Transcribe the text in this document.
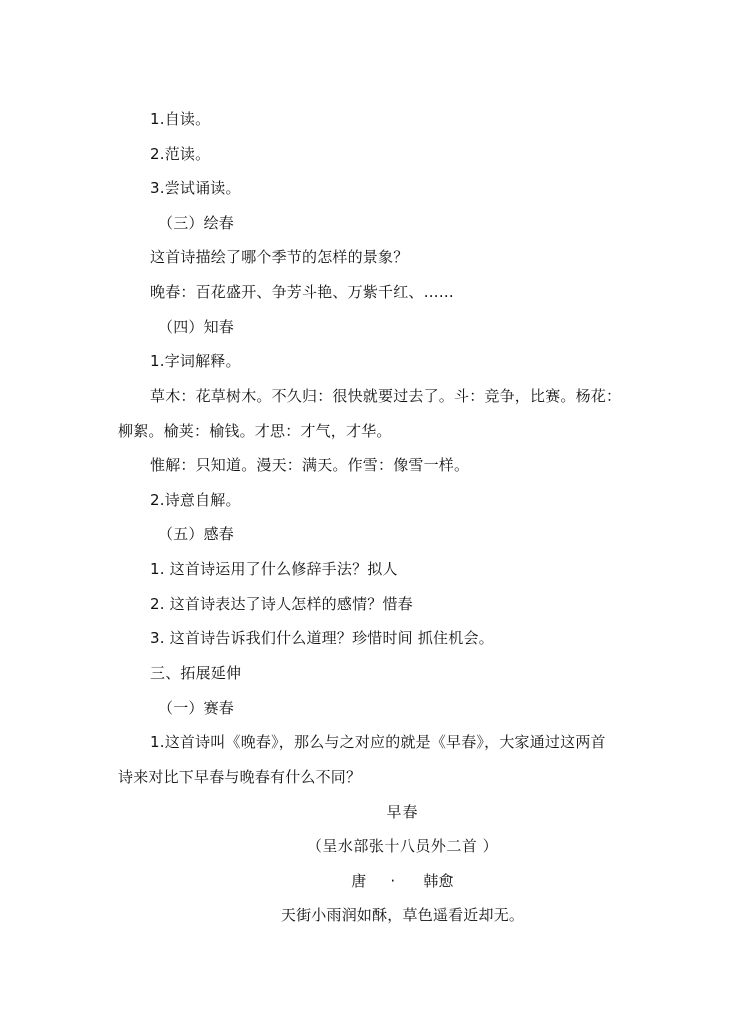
1.自读。
2.范读。
3.尝试诵读。
（三）绘春
这首诗描绘了哪个季节的怎样的景象？
晚春：百花盛开、争芳斗艳、万紫千红、……
（四）知春
1.字词解释。
草木：花草树木。不久归：很快就要过去了。斗：竞争，比赛。杨花：
柳絮。榆荚：榆钱。才思：才气，才华。
惟解：只知道。漫天：满天。作雪：像雪一样。
2.诗意自解。
（五）感春
1. 这首诗运用了什么修辞手法？拟人
2. 这首诗表达了诗人怎样的感情？惜春
3. 这首诗告诉我们什么道理？珍惜时间 抓住机会。
三、拓展延伸
（一）赛春
1.这首诗叫《晚春》，那么与之对应的就是《早春》，大家通过这两首
诗来对比下早春与晚春有什么不同？
早春
（呈水部张十八员外二首 ）
唐 · 韩愈
天街小雨润如酥，草色遥看近却无。
